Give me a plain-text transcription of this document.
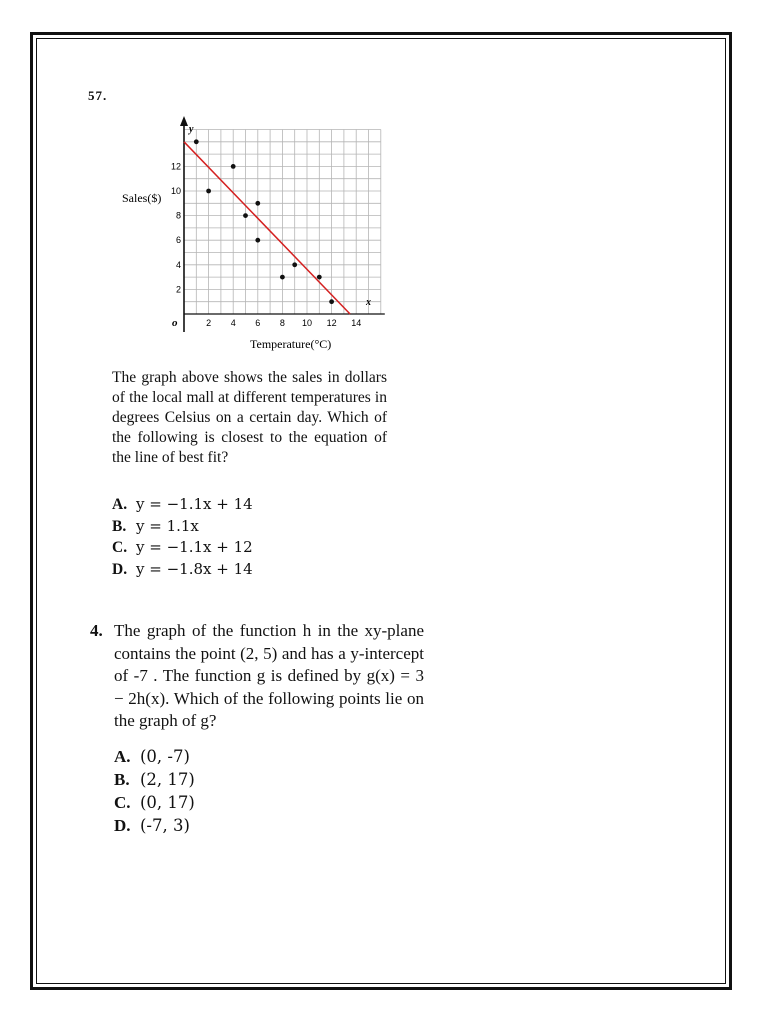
57.
2 4 6 8 10 12 14
2
4
6
8
10
12
Sales($)
Temperature(°C)
y
x
o

The graph above shows the sales in dollars of the local mall at different temperatures in degrees Celsius on a certain day. Which of the following is closest to the equation of the line of best fit?

A. y = −1.1x + 14
B. y = 1.1x
C. y = −1.1x + 12
D. y = −1.8x + 14
4. The graph of the function h in the xy-plane contains the point (2, 5) and has a y-intercept of -7 . The function g is defined by g(x) = 3 − 2h(x). Which of the following points lie on the graph of g?

A. (0, -7)
B. (2, 17)
C. (0, 17)
D. (-7, 3)
